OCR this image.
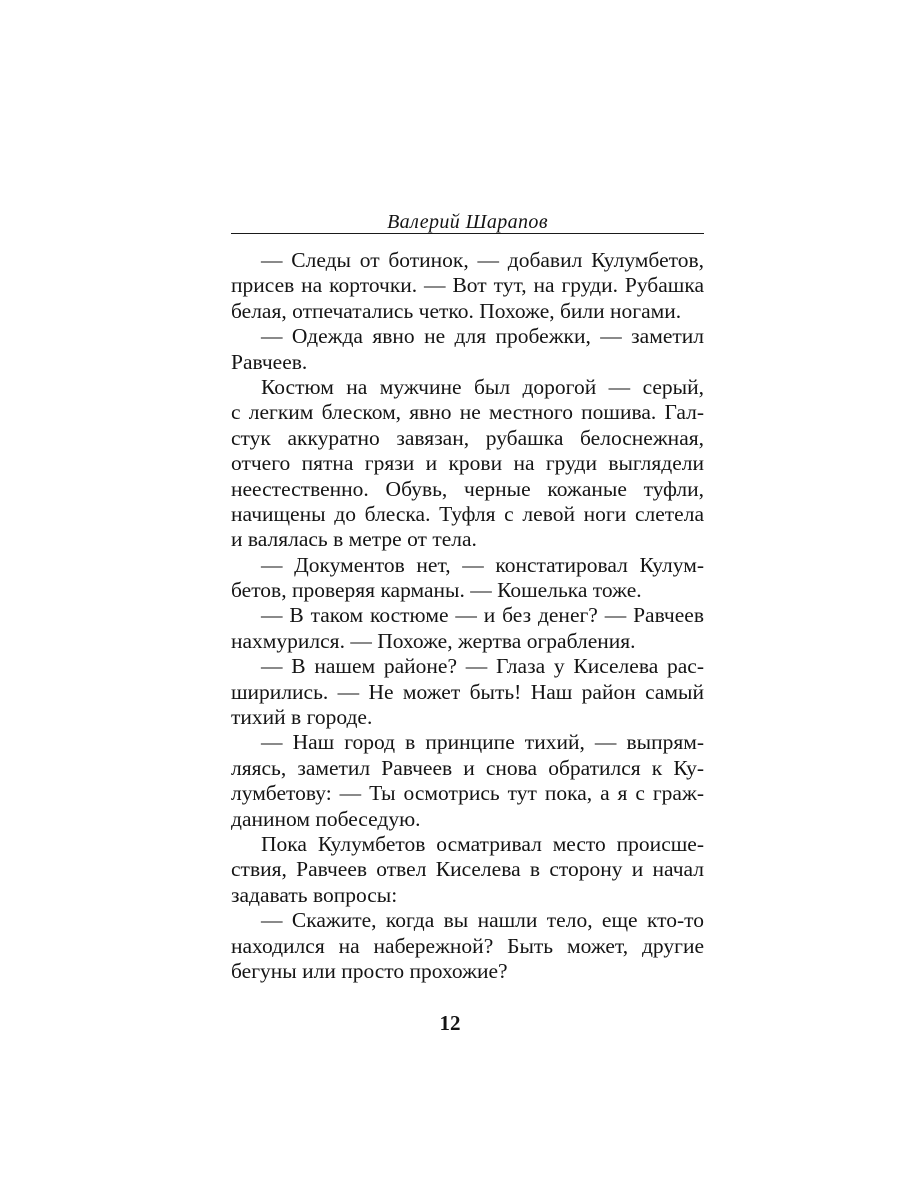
Валерий Шарапов
— Следы от ботинок, — добавил Кулумбетов,
присев на корточки. — Вот тут, на груди. Рубашка
белая, отпечатались четко. Похоже, били ногами.
— Одежда явно не для пробежки, — заметил
Равчеев.
Костюм на мужчине был дорогой — серый,
с легким блеском, явно не местного пошива. Гал-
стук аккуратно завязан, рубашка белоснежная,
отчего пятна грязи и крови на груди выглядели
неестественно. Обувь, черные кожаные туфли,
начищены до блеска. Туфля с левой ноги слетела
и валялась в метре от тела.
— Документов нет, — констатировал Кулум-
бетов, проверяя карманы. — Кошелька тоже.
— В таком костюме — и без денег? — Равчеев
нахмурился. — Похоже, жертва ограбления.
— В нашем районе? — Глаза у Киселева рас-
ширились. — Не может быть! Наш район самый
тихий в городе.
— Наш город в принципе тихий, — выпрям-
ляясь, заметил Равчеев и снова обратился к Ку-
лумбетову: — Ты осмотрись тут пока, а я с граж-
данином побеседую.
Пока Кулумбетов осматривал место происше-
ствия, Равчеев отвел Киселева в сторону и начал
задавать вопросы:
— Скажите, когда вы нашли тело, еще кто-то
находился на набережной? Быть может, другие
бегуны или просто прохожие?
12
